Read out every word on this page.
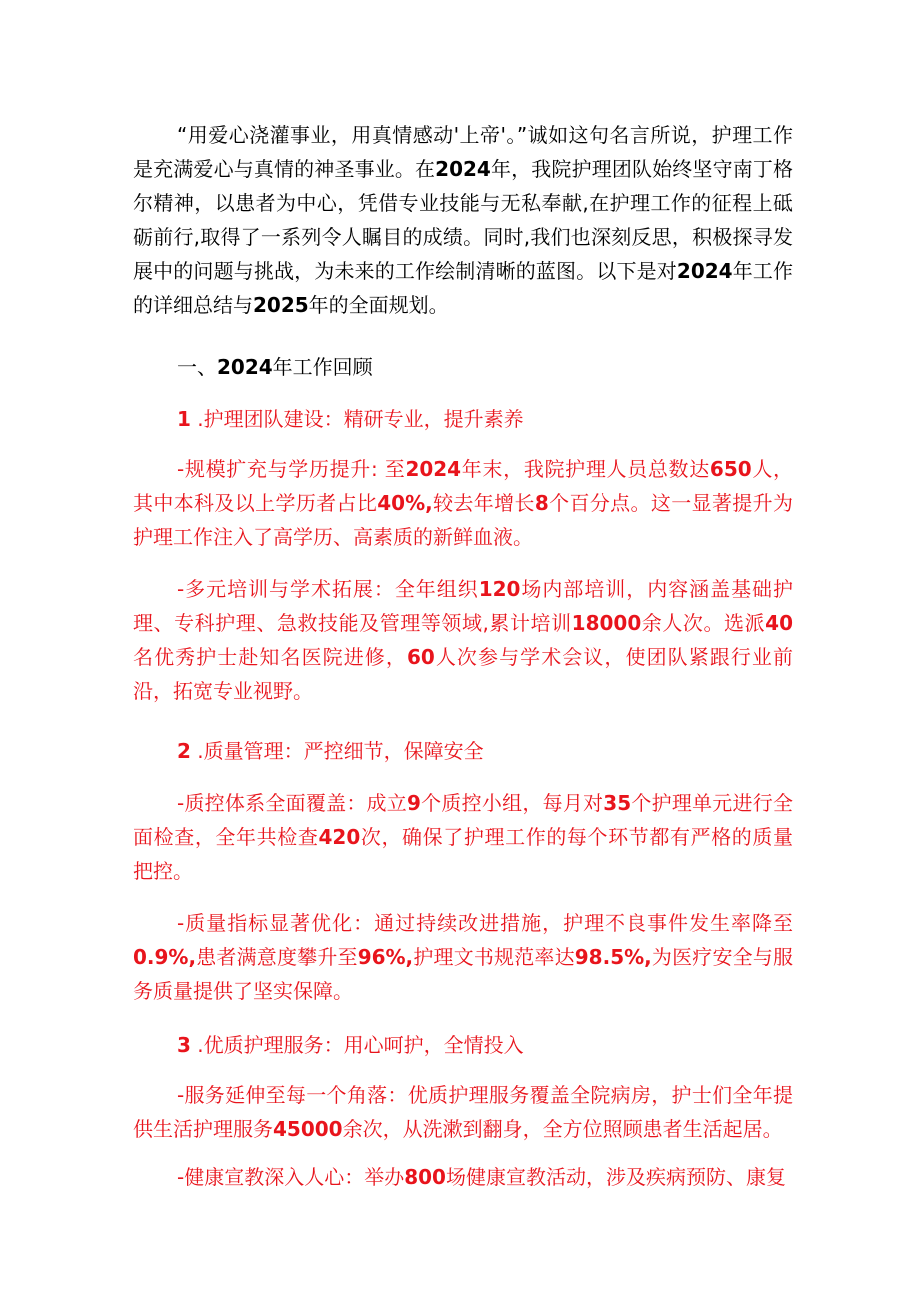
“用爱心浇灌事业，用真情感动'上帝'。”诚如这句名言所说，护理工作是充满爱心与真情的神圣事业。在2024年，我院护理团队始终坚守南丁格尔精神，以患者为中心，凭借专业技能与无私奉献,在护理工作的征程上砥砺前行,取得了一系列令人瞩目的成绩。同时,我们也深刻反思，积极探寻发展中的问题与挑战，为未来的工作绘制清晰的蓝图。以下是对2024年工作的详细总结与2025年的全面规划。

一、2024年工作回顾

1 .护理团队建设：精研专业，提升素养

-规模扩充与学历提升: 至2024年末，我院护理人员总数达650人，其中本科及以上学历者占比40%,较去年增长8个百分点。这一显著提升为护理工作注入了高学历、高素质的新鲜血液。

-多元培训与学术拓展：全年组织120场内部培训，内容涵盖基础护理、专科护理、急救技能及管理等领域,累计培训18000余人次。选派40名优秀护士赴知名医院进修，60人次参与学术会议，使团队紧跟行业前沿，拓宽专业视野。

2 .质量管理：严控细节，保障安全

-质控体系全面覆盖：成立9个质控小组，每月对35个护理单元进行全面检查，全年共检查420次，确保了护理工作的每个环节都有严格的质量把控。

-质量指标显著优化：通过持续改进措施，护理不良事件发生率降至0.9%,患者满意度攀升至96%,护理文书规范率达98.5%,为医疗安全与服务质量提供了坚实保障。

3 .优质护理服务：用心呵护，全情投入

-服务延伸至每一个角落：优质护理服务覆盖全院病房，护士们全年提供生活护理服务45000余次，从洗漱到翻身，全方位照顾患者生活起居。

-健康宣教深入人心：举办800场健康宣教活动，涉及疾病预防、康复
